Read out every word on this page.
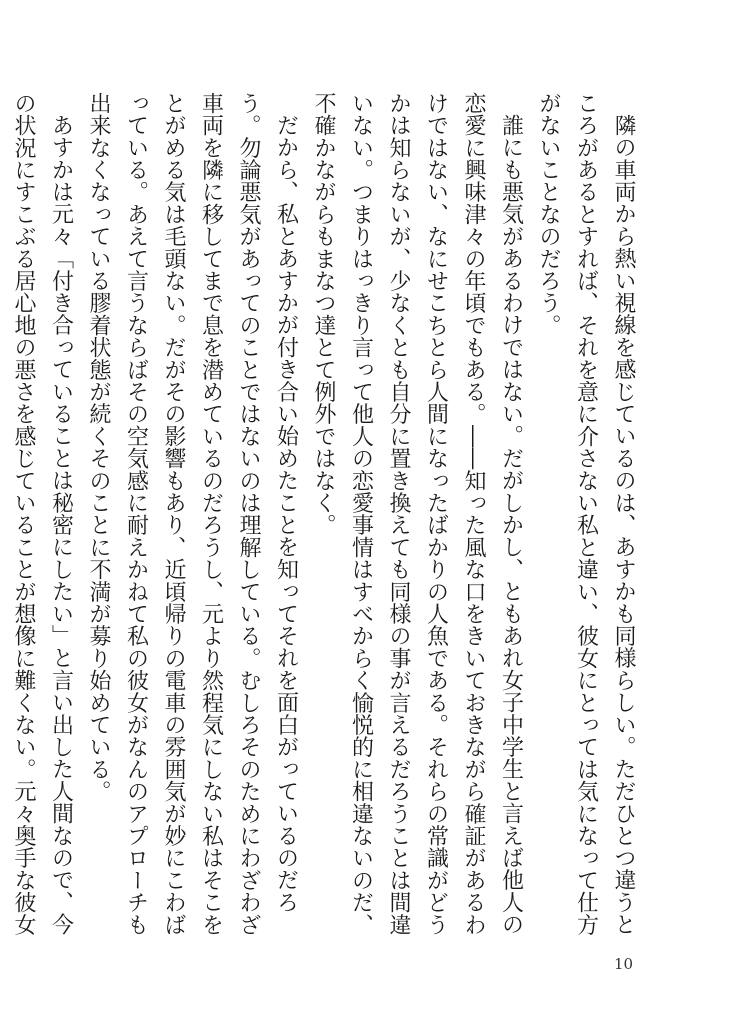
隣の車両から熱い視線を感じているのは、あすかも同様らしい。ただひとつ違うところがあるとすれば、それを意に介さない私と違い、彼女にとっては気になって仕方がないことなのだろう。

誰にも悪気があるわけではない。だがしかし、ともあれ女子中学生と言えば他人の恋愛に興味津々の年頃でもある。――知った風な口をきいておきながら確証があるわけではない、なにせこちとら人間になったばかりの人魚である。それらの常識がどうかは知らないが、少なくとも自分に置き換えても同様の事が言えるだろうことは間違いない。つまりはっきり言って他人の恋愛事情はすべからく愉悦的に相違ないのだ、不確かながらもまなつ達とて例外ではなく。

だから、私とあすかが付き合い始めたことを知ってそれを面白がっているのだろう。勿論悪気があってのことではないのは理解している。むしろそのためにわざわざ車両を隣に移してまで息を潜めているのだろうし、元より然程気にしない私はそこをとがめる気は毛頭ない。だがその影響もあり、近頃帰りの電車の雰囲気が妙にこわばっている。あえて言うならばその空気感に耐えかねて私の彼女がなんのアプローチも出来なくなっている膠着状態が続くそのことに不満が募り始めている。

あすかは元々「付き合っていることは秘密にしたい」と言い出した人間なので、今の状況にすこぶる居心地の悪さを感じていることが想像に難くない。元々奥手な彼女

10
